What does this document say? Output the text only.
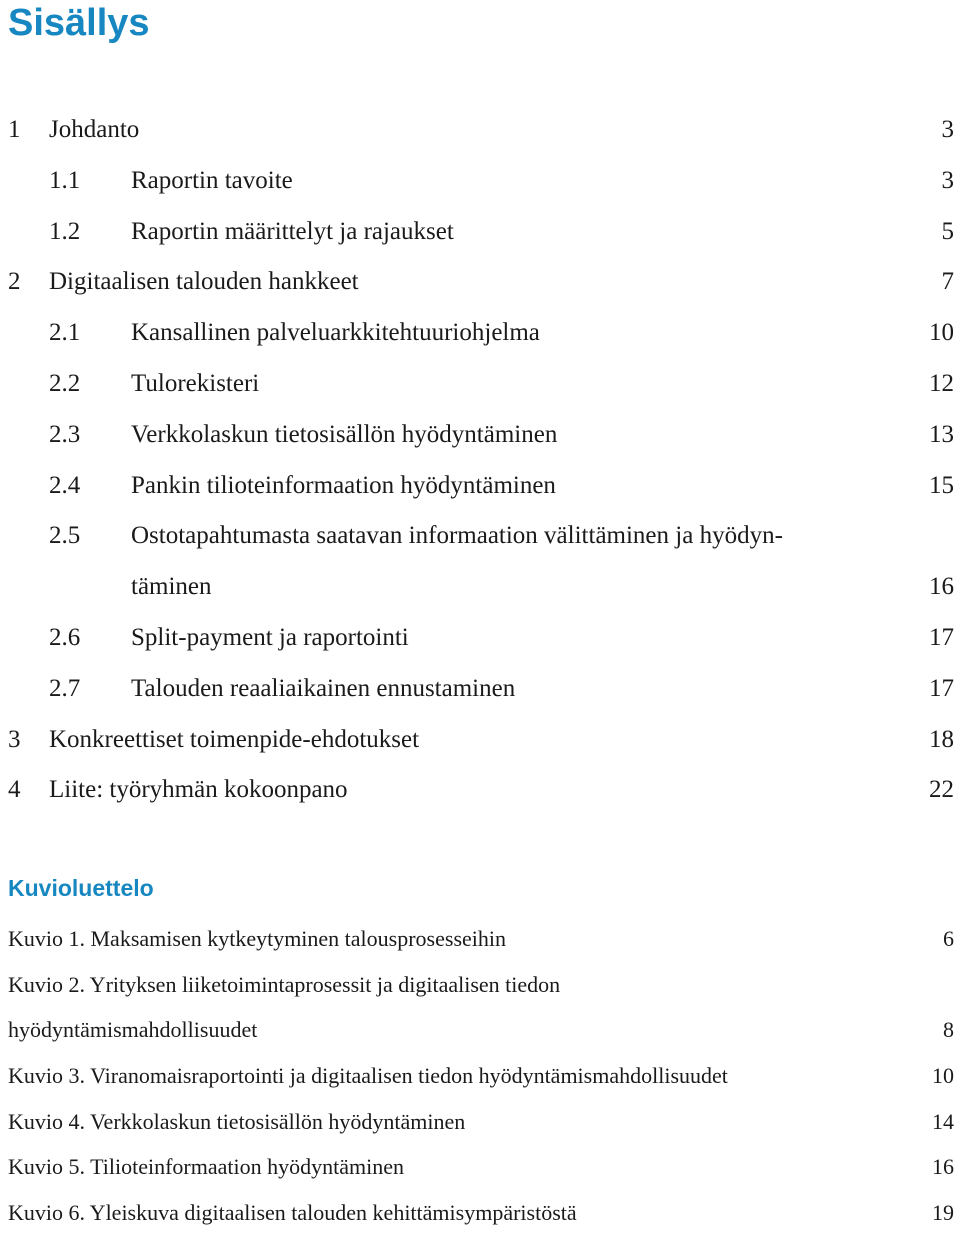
Sisällys
1 Johdanto	3
1.1 Raportin tavoite	3
1.2 Raportin määrittelyt ja rajaukset	5
2 Digitaalisen talouden hankkeet	7
2.1 Kansallinen palveluarkkitehtuuriohjelma	10
2.2 Tulorekisteri	12
2.3 Verkkolaskun tietosisällön hyödyntäminen	13
2.4 Pankin tilioteinformaation hyödyntäminen	15
2.5 Ostotapahtumasta saatavan informaation välittäminen ja hyödyn-
täminen	16
2.6 Split-payment ja raportointi	17
2.7 Talouden reaaliaikainen ennustaminen	17
3 Konkreettiset toimenpide-ehdotukset	18
4 Liite: työryhmän kokoonpano	22
Kuvioluettelo
Kuvio 1. Maksamisen kytkeytyminen talousprosesseihin	6
Kuvio 2. Yrityksen liiketoimintaprosessit ja digitaalisen tiedon
hyödyntämismahdollisuudet	8
Kuvio 3. Viranomaisraportointi ja digitaalisen tiedon hyödyntämismahdollisuudet	10
Kuvio 4. Verkkolaskun tietosisällön hyödyntäminen	14
Kuvio 5. Tilioteinformaation hyödyntäminen	16
Kuvio 6. Yleiskuva digitaalisen talouden kehittämisympäristöstä	19
